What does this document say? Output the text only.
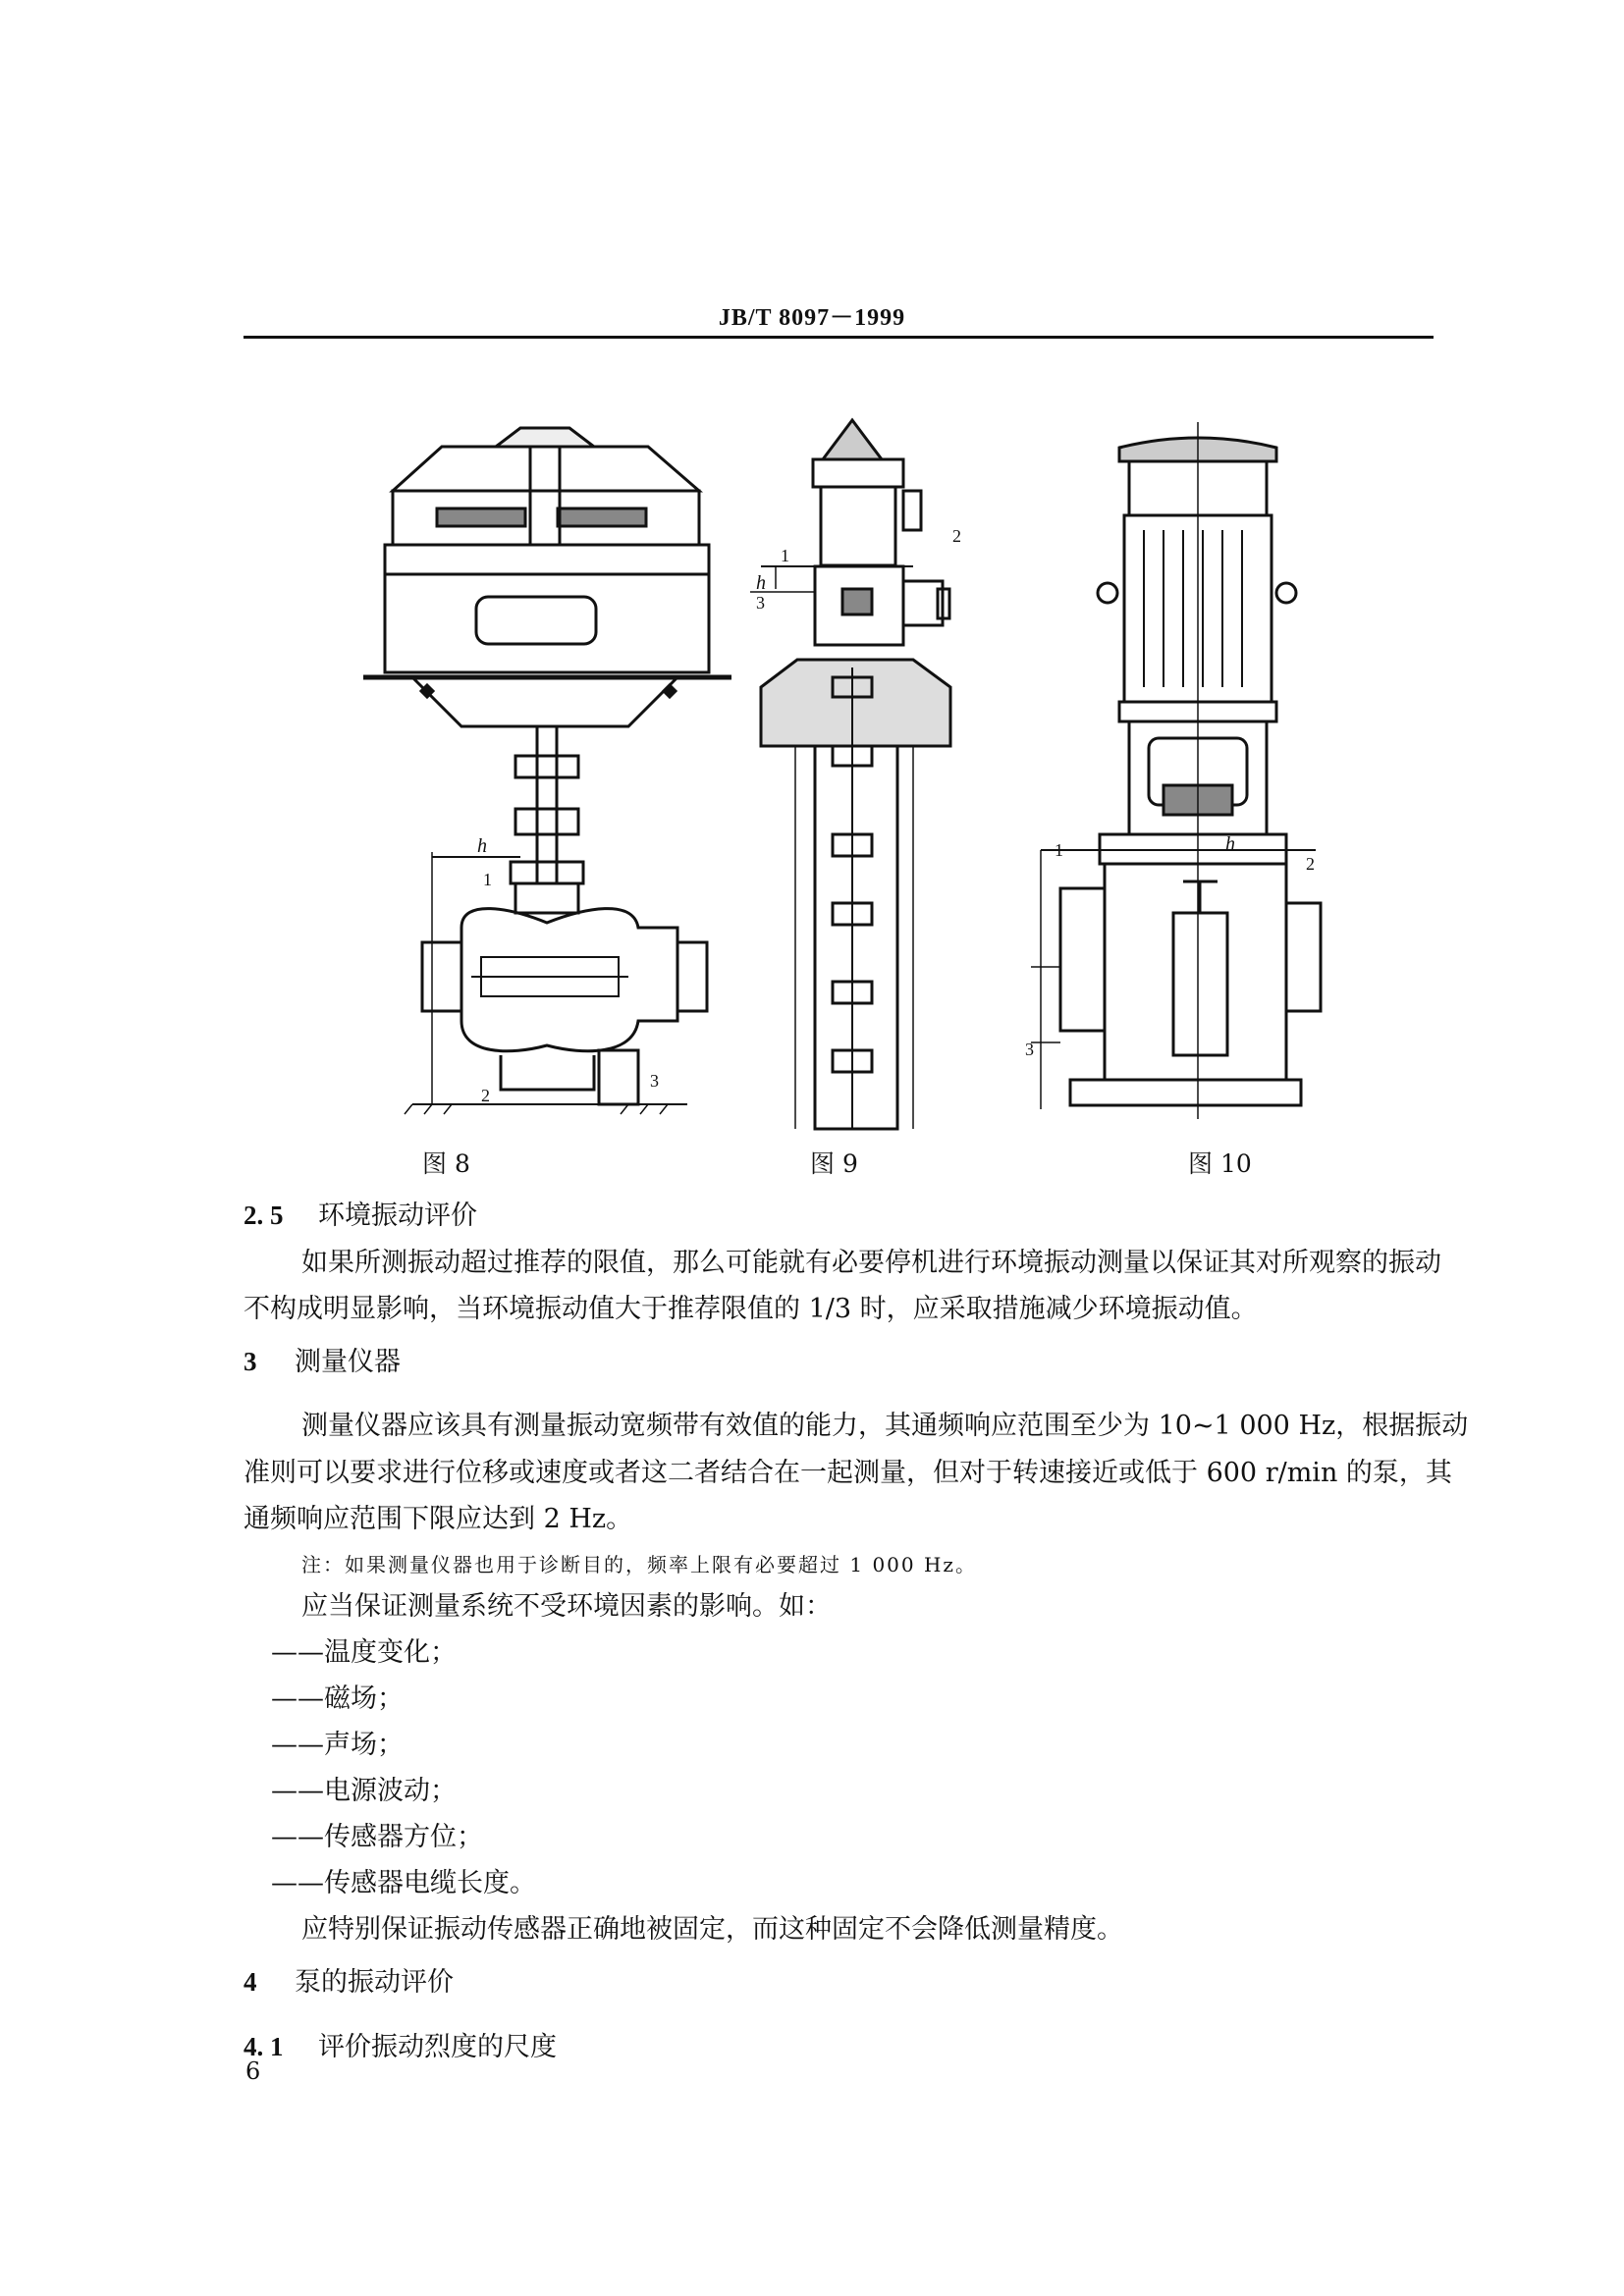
JB/T 8097－1999
h
h
h
1
2
3
1
2
3
1
2
3
图 8	图 9	图 10
2. 5 环境振动评价
如果所测振动超过推荐的限值，那么可能就有必要停机进行环境振动测量以保证其对所观察的振动
不构成明显影响，当环境振动值大于推荐限值的 1/3 时，应采取措施减少环境振动值。
3 测量仪器
测量仪器应该具有测量振动宽频带有效值的能力，其通频响应范围至少为 10~1 000 Hz，根据振动
准则可以要求进行位移或速度或者这二者结合在一起测量，但对于转速接近或低于 600 r/min 的泵，其
通频响应范围下限应达到 2 Hz。
注：如果测量仪器也用于诊断目的，频率上限有必要超过 1 000 Hz。
应当保证测量系统不受环境因素的影响。如：
——温度变化；
——磁场；
——声场；
——电源波动；
——传感器方位；
——传感器电缆长度。
应特别保证振动传感器正确地被固定，而这种固定不会降低测量精度。
4 泵的振动评价
4. 1 评价振动烈度的尺度
6
